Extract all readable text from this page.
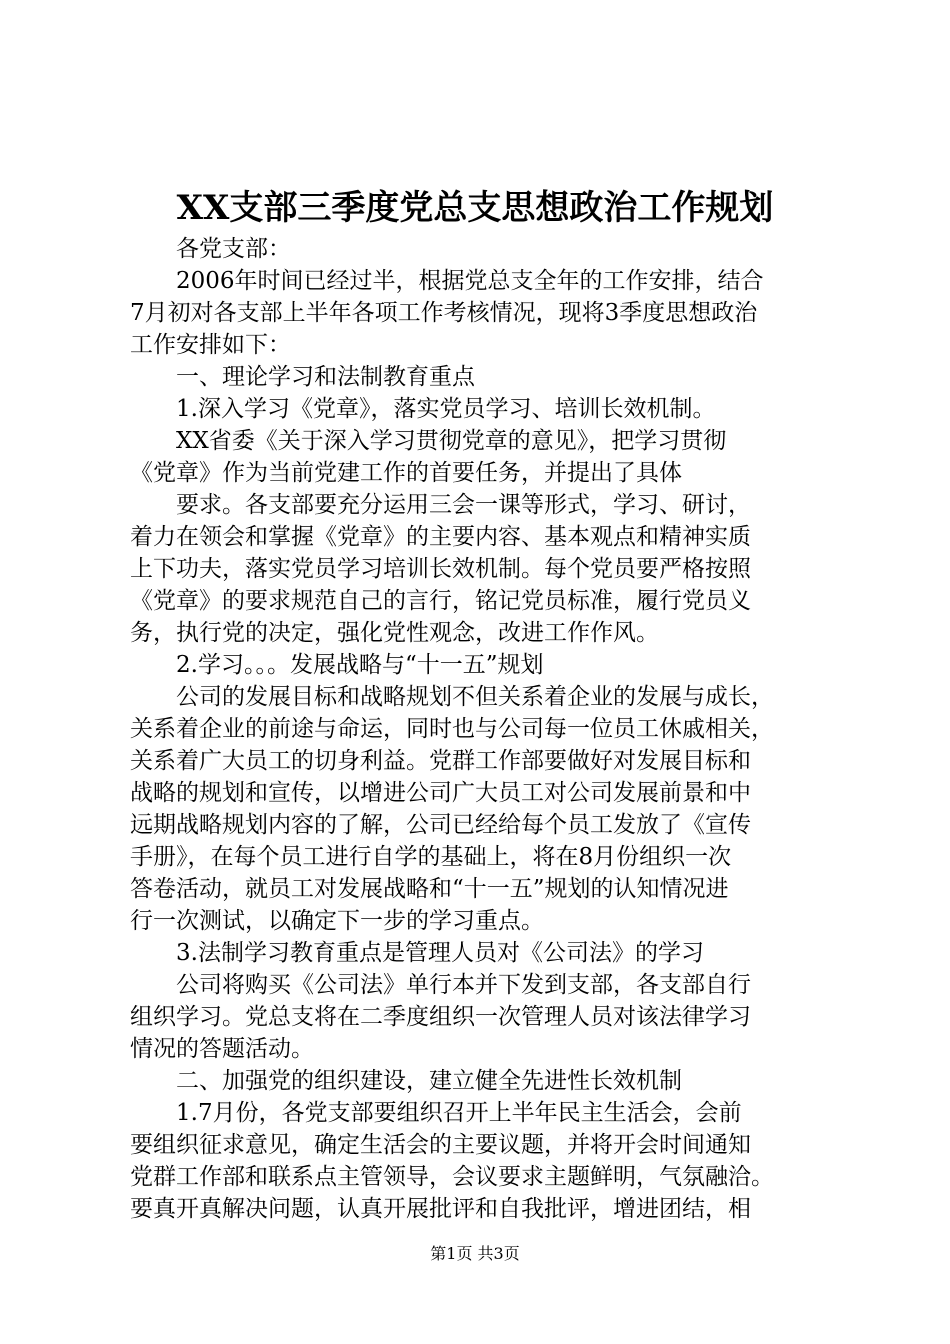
XX支部三季度党总支思想政治工作规划
各党支部：
2006年时间已经过半，根据党总支全年的工作安排，结合
7月初对各支部上半年各项工作考核情况，现将3季度思想政治
工作安排如下：
一、理论学习和法制教育重点
1.深入学习《党章》，落实党员学习、培训长效机制。
XX省委《关于深入学习贯彻党章的意见》，把学习贯彻
《党章》作为当前党建工作的首要任务，并提出了具体
要求。各支部要充分运用三会一课等形式，学习、研讨，
着力在领会和掌握《党章》的主要内容、基本观点和精神实质
上下功夫，落实党员学习培训长效机制。每个党员要严格按照
《党章》的要求规范自己的言行，铭记党员标准，履行党员义
务，执行党的决定，强化党性观念，改进工作作风。
2.学习。。。发展战略与“十一五”规划
公司的发展目标和战略规划不但关系着企业的发展与成长，
关系着企业的前途与命运，同时也与公司每一位员工休戚相关，
关系着广大员工的切身利益。党群工作部要做好对发展目标和
战略的规划和宣传，以增进公司广大员工对公司发展前景和中
远期战略规划内容的了解，公司已经给每个员工发放了《宣传
手册》，在每个员工进行自学的基础上，将在8月份组织一次
答卷活动，就员工对发展战略和“十一五”规划的认知情况进
行一次测试，以确定下一步的学习重点。
3.法制学习教育重点是管理人员对《公司法》的学习
公司将购买《公司法》单行本并下发到支部，各支部自行
组织学习。党总支将在二季度组织一次管理人员对该法律学习
情况的答题活动。
二、加强党的组织建设，建立健全先进性长效机制
1.7月份，各党支部要组织召开上半年民主生活会，会前
要组织征求意见，确定生活会的主要议题，并将开会时间通知
党群工作部和联系点主管领导，会议要求主题鲜明，气氛融洽。
要真开真解决问题，认真开展批评和自我批评，增进团结，相
第1页 共3页
